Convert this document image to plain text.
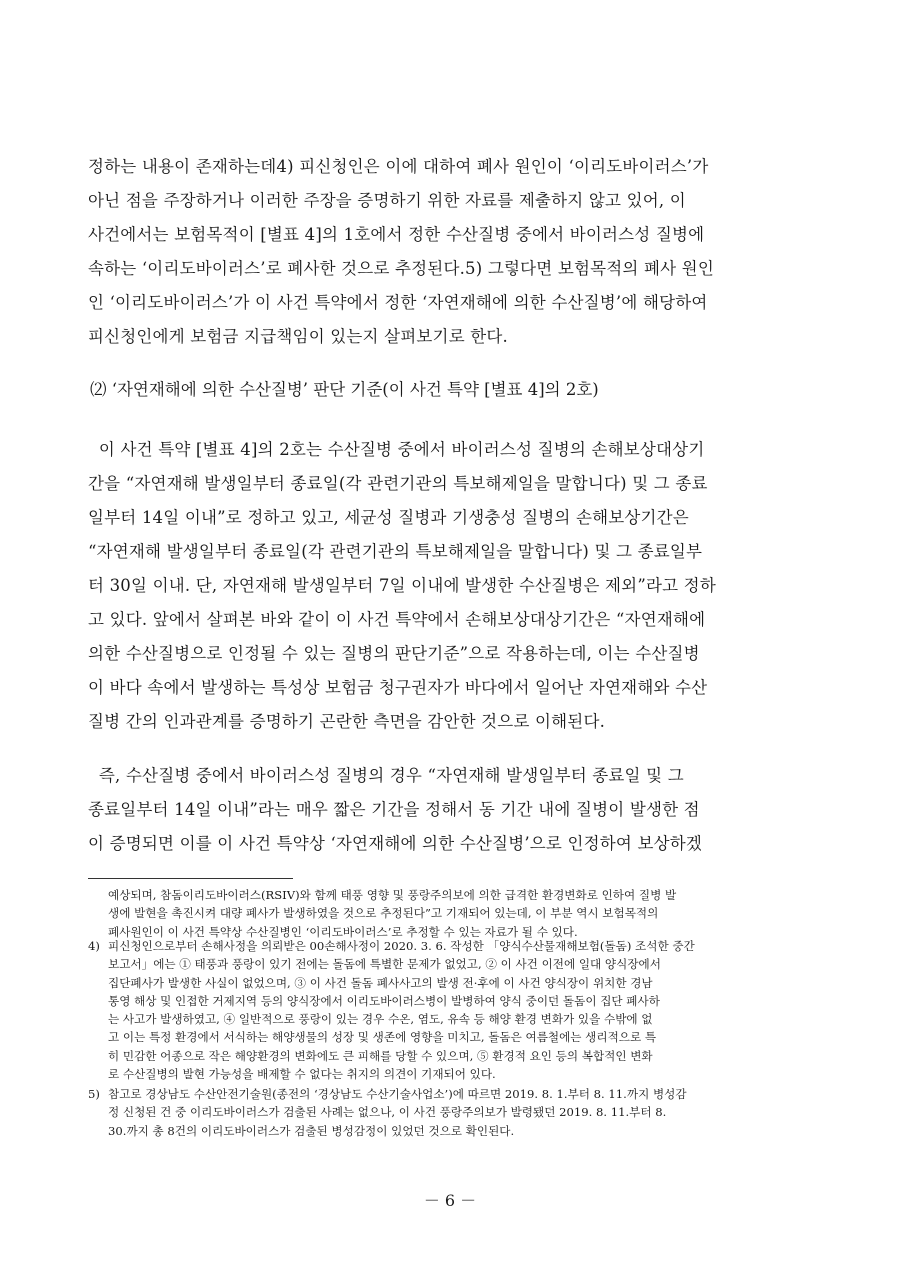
정하는 내용이 존재하는데4) 피신청인은 이에 대하여 폐사 원인이 ‘이리도바이러스’가
아닌 점을 주장하거나 이러한 주장을 증명하기 위한 자료를 제출하지 않고 있어, 이
사건에서는 보험목적이 [별표 4]의 1호에서 정한 수산질병 중에서 바이러스성 질병에
속하는 ‘이리도바이러스’로 폐사한 것으로 추정된다.5) 그렇다면 보험목적의 폐사 원인
인 ‘이리도바이러스’가 이 사건 특약에서 정한 ‘자연재해에 의한 수산질병’에 해당하여
피신청인에게 보험금 지급책임이 있는지 살펴보기로 한다.
⑵ ‘자연재해에 의한 수산질병’ 판단 기준(이 사건 특약 [별표 4]의 2호)
이 사건 특약 [별표 4]의 2호는 수산질병 중에서 바이러스성 질병의 손해보상대상기
간을 “자연재해 발생일부터 종료일(각 관련기관의 특보해제일을 말합니다) 및 그 종료
일부터 14일 이내”로 정하고 있고, 세균성 질병과 기생충성 질병의 손해보상기간은
“자연재해 발생일부터 종료일(각 관련기관의 특보해제일을 말합니다) 및 그 종료일부
터 30일 이내. 단, 자연재해 발생일부터 7일 이내에 발생한 수산질병은 제외”라고 정하
고 있다. 앞에서 살펴본 바와 같이 이 사건 특약에서 손해보상대상기간은 “자연재해에
의한 수산질병으로 인정될 수 있는 질병의 판단기준”으로 작용하는데, 이는 수산질병
이 바다 속에서 발생하는 특성상 보험금 청구권자가 바다에서 일어난 자연재해와 수산
질병 간의 인과관계를 증명하기 곤란한 측면을 감안한 것으로 이해된다.
즉, 수산질병 중에서 바이러스성 질병의 경우 “자연재해 발생일부터 종료일 및 그
종료일부터 14일 이내”라는 매우 짧은 기간을 정해서 동 기간 내에 질병이 발생한 점
이 증명되면 이를 이 사건 특약상 ‘자연재해에 의한 수산질병’으로 인정하여 보상하겠
예상되며, 참돔이리도바이러스(RSIV)와 함께 태풍 영향 및 풍랑주의보에 의한 급격한 환경변화로 인하여 질병 발
생에 발현을 촉진시켜 대량 폐사가 발생하였을 것으로 추정된다”고 기재되어 있는데, 이 부분 역시 보험목적의
폐사원인이 이 사건 특약상 수산질병인 ‘이리도바이러스’로 추정할 수 있는 자료가 될 수 있다.
4) 피신청인으로부터 손해사정을 의뢰받은 00손해사정이 2020. 3. 6. 작성한 「양식수산물재해보험(돌돔) 조석한 중간
보고서」에는 ① 태풍과 풍랑이 있기 전에는 돌돔에 특별한 문제가 없었고, ② 이 사건 이전에 일대 양식장에서
집단폐사가 발생한 사실이 없었으며, ③ 이 사건 돌돔 폐사사고의 발생 전·후에 이 사건 양식장이 위치한 경남
통영 해상 및 인접한 거제지역 등의 양식장에서 이리도바이러스병이 발병하여 양식 중이던 돌돔이 집단 폐사하
는 사고가 발생하였고, ④ 일반적으로 풍랑이 있는 경우 수온, 염도, 유속 등 해양 환경 변화가 있을 수밖에 없
고 이는 특정 환경에서 서식하는 해양생물의 성장 및 생존에 영향을 미치고, 돌돔은 여름철에는 생리적으로 특
히 민감한 어종으로 작은 해양환경의 변화에도 큰 피해를 당할 수 있으며, ⑤ 환경적 요인 등의 복합적인 변화
로 수산질병의 발현 가능성을 배제할 수 없다는 취지의 의견이 기재되어 있다.
5) 참고로 경상남도 수산안전기술원(종전의 ‘경상남도 수산기술사업소’)에 따르면 2019. 8. 1.부터 8. 11.까지 병성감
정 신청된 건 중 이리도바이러스가 검출된 사례는 없으나, 이 사건 풍랑주의보가 발령됐던 2019. 8. 11.부터 8.
30.까지 총 8건의 이리도바이러스가 검출된 병성감정이 있었던 것으로 확인된다.
－ 6 －
